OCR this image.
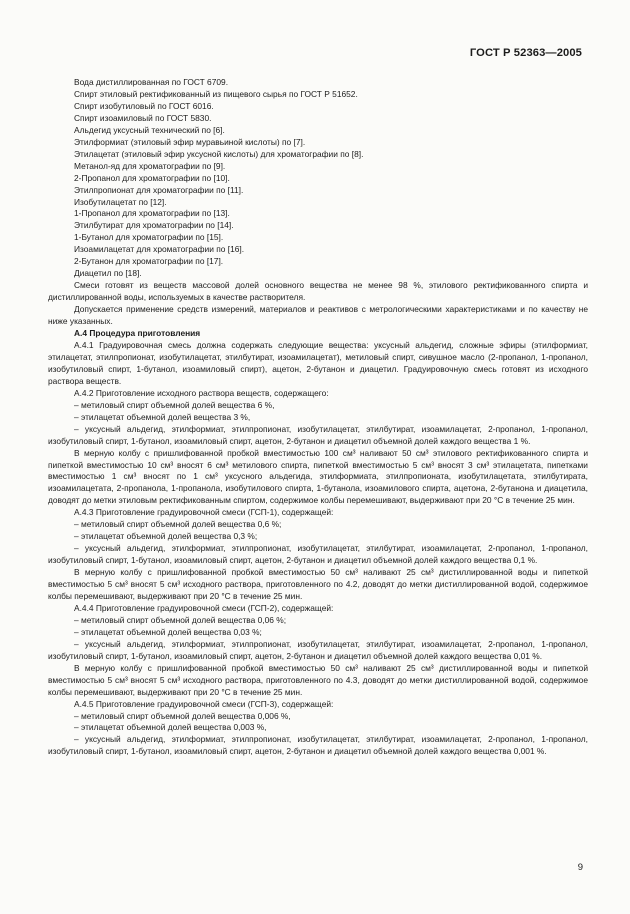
ГОСТ Р 52363—2005

Вода дистиллированная по ГОСТ 6709.

Спирт этиловый ректификованный из пищевого сырья по ГОСТ Р 51652.

Спирт изобутиловый по ГОСТ 6016.

Спирт изоамиловый по ГОСТ 5830.

Альдегид уксусный технический по [6].

Этилформиат (этиловый эфир муравьиной кислоты) по [7].

Этилацетат (этиловый эфир уксусной кислоты) для хроматографии по [8].

Метанол-яд для хроматографии по [9].

2-Пропанол для хроматографии по [10].

Этилпропионат для хроматографии по [11].

Изобутилацетат по [12].

1-Пропанол для хроматографии по [13].

Этилбутират для хроматографии по [14].

1-Бутанол для хроматографии по [15].

Изоамилацетат для хроматографии по [16].

2-Бутанон для хроматографии по [17].

Диацетил по [18].

Смеси готовят из веществ массовой долей основного вещества не менее 98 %, этилового ректификованного спирта и дистиллированной воды, используемых в качестве растворителя.

Допускается применение средств измерений, материалов и реактивов с метрологическими характеристиками и по качеству не ниже указанных.

А.4 Процедура приготовления

А.4.1 Градуировочная смесь должна содержать следующие вещества: уксусный альдегид, сложные эфиры (этилформиат, этилацетат, этилпропионат, изобутилацетат, этилбутират, изоамилацетат), метиловый спирт, сивушное масло (2-пропанол, 1-пропанол, изобутиловый спирт, 1-бутанол, изоамиловый спирт), ацетон, 2-бутанон и диацетил. Градуировочную смесь готовят из исходного раствора веществ.

А.4.2 Приготовление исходного раствора веществ, содержащего:

– метиловый спирт объемной долей вещества 6 %,

– этилацетат объемной долей вещества 3 %,

– уксусный альдегид, этилформиат, этилпропионат, изобутилацетат, этилбутират, изоамилацетат, 2-пропанол, 1-пропанол, изобутиловый спирт, 1-бутанол, изоамиловый спирт, ацетон, 2-бутанон и диацетил объемной долей каждого вещества 1 %.

В мерную колбу с пришлифованной пробкой вместимостью 100 см³ наливают 50 см³ этилового ректификованного спирта и пипеткой вместимостью 10 см³ вносят 6 см³ метилового спирта, пипеткой вместимостью 5 см³ вносят 3 см³ этилацетата, пипетками вместимостью 1 см³ вносят по 1 см³ уксусного альдегида, этилформиата, этилпропионата, изобутилацетата, этилбутирата, изоамилацетата, 2-пропанола, 1-пропанола, изобутилового спирта, 1-бутанола, изоамилового спирта, ацетона, 2-бутанона и диацетила, доводят до метки этиловым ректификованным спиртом, содержимое колбы перемешивают, выдерживают при 20 °С в течение 25 мин.

А.4.3 Приготовление градуировочной смеси (ГСП-1), содержащей:

– метиловый спирт объемной долей вещества 0,6 %;

– этилацетат объемной долей вещества 0,3 %;

– уксусный альдегид, этилформиат, этилпропионат, изобутилацетат, этилбутират, изоамилацетат, 2-пропанол, 1-пропанол, изобутиловый спирт, 1-бутанол, изоамиловый спирт, ацетон, 2-бутанон и диацетил объемной долей каждого вещества 0,1 %.

В мерную колбу с пришлифованной пробкой вместимостью 50 см³ наливают 25 см³ дистиллированной воды и пипеткой вместимостью 5 см³ вносят 5 см³ исходного раствора, приготовленного по 4.2, доводят до метки дистиллированной водой, содержимое колбы перемешивают, выдерживают при 20 °С в течение 25 мин.

А.4.4 Приготовление градуировочной смеси (ГСП-2), содержащей:

– метиловый спирт объемной долей вещества 0,06 %;

– этилацетат объемной долей вещества 0,03 %;

– уксусный альдегид, этилформиат, этилпропионат, изобутилацетат, этилбутират, изоамилацетат, 2-пропанол, 1-пропанол, изобутиловый спирт, 1-бутанол, изоамиловый спирт, ацетон, 2-бутанон и диацетил объемной долей каждого вещества 0,01 %.

В мерную колбу с пришлифованной пробкой вместимостью 50 см³ наливают 25 см³ дистиллированной воды и пипеткой вместимостью 5 см³ вносят 5 см³ исходного раствора, приготовленного по 4.3, доводят до метки дистиллированной водой, содержимое колбы перемешивают, выдерживают при 20 °С в течение 25 мин.

А.4.5 Приготовление градуировочной смеси (ГСП-3), содержащей:

– метиловый спирт объемной долей вещества 0,006 %,

– этилацетат объемной долей вещества 0,003 %,

– уксусный альдегид, этилформиат, этилпропионат, изобутилацетат, этилбутират, изоамилацетат, 2-пропанол, 1-пропанол, изобутиловый спирт, 1-бутанол, изоамиловый спирт, ацетон, 2-бутанон и диацетил объемной долей каждого вещества 0,001 %.

9
